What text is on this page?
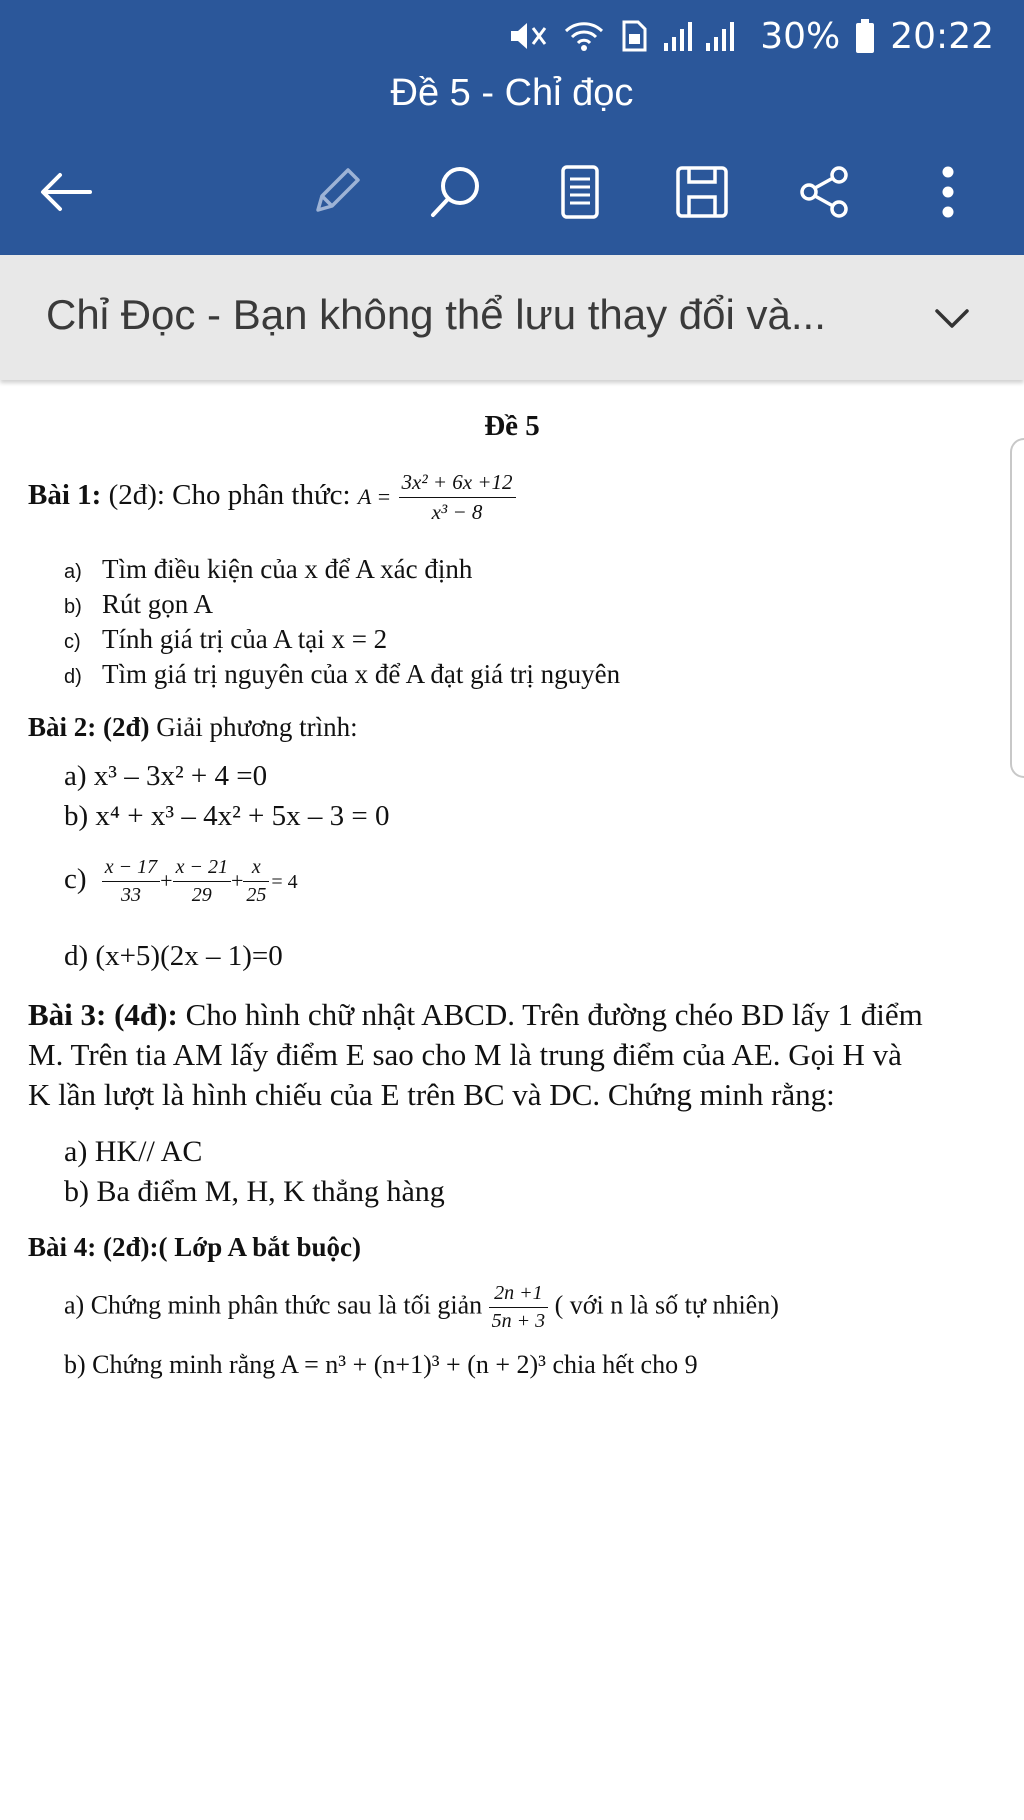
30% 20:22
Đề 5 - Chỉ đọc
Chỉ Đọc - Bạn không thể lưu thay đổi và...
Đề 5
Bài 1: (2đ): Cho phân thức: $A = \frac{\text{3x² + 6x +12}}{\text{x³ − 8}}$
a) Tìm điều kiện của x để A xác định
b) Rút gọn A
c) Tính giá trị của A tại x = 2
d) Tìm giá trị nguyên của x để A đạt giá trị nguyên
Bài 2: (2đ) Giải phương trình:
a) x³ – 3x² + 4 =0
b) x⁴ + x³ – 4x² + 5x – 3 = 0
$c) \frac{x - 17}{33} + \frac{x - 21}{29} + \frac{x}{25} = 4$
d) (x+5)(2x – 1)=0
Bài 3: (4đ): Cho hình chữ nhật ABCD. Trên đường chéo BD lấy 1 điểm
M. Trên tia AM lấy điểm E sao cho M là trung điểm của AE. Gọi H và
K lần lượt là hình chiếu của E trên BC và DC. Chứng minh rằng:
a) HK// AC
b) Ba điểm M, H, K thẳng hàng
Bài 4: (2đ):( Lớp A bắt buộc)
a) Chứng minh phân thức sau là tối giản $\frac{2n +1}{5n + 3}$ ( với n là số tự nhiên)
b) Chứng minh rằng A = n³ + (n+1)³ + (n + 2)³ chia hết cho 9
